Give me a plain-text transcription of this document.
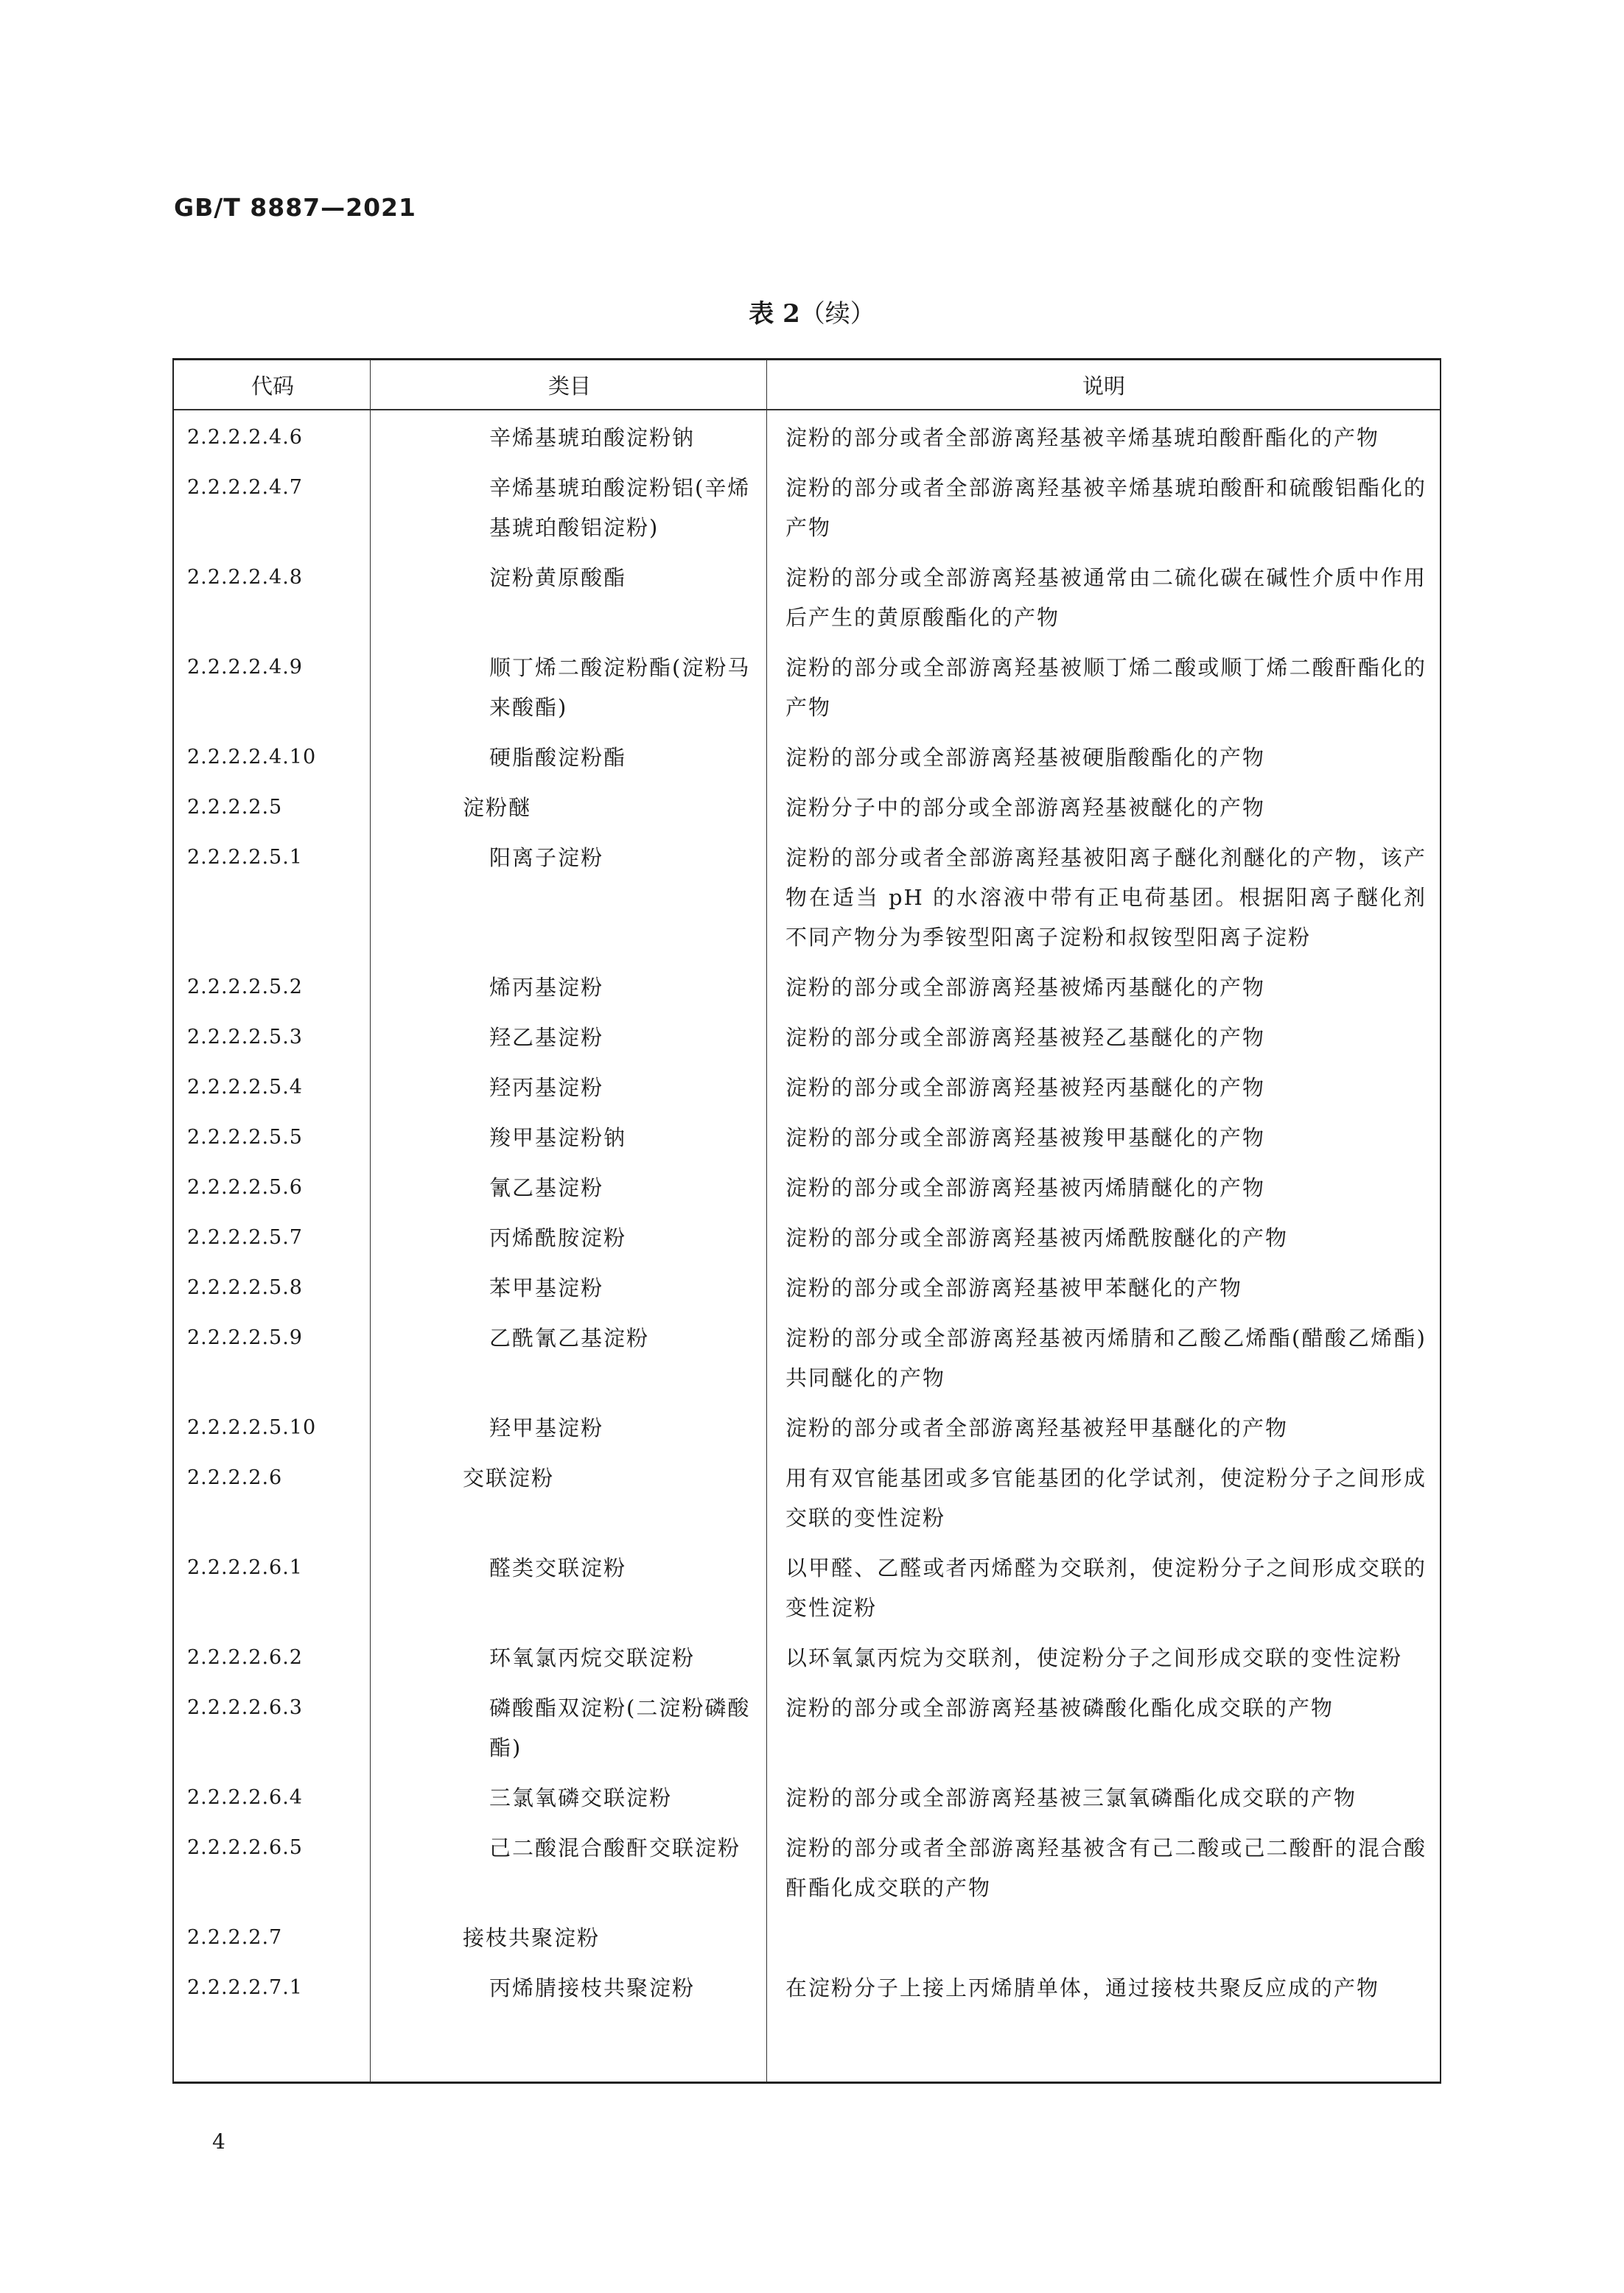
GB/T 8887—2021
表 2（续）
代码	类目	说明
2.2.2.2.4.6	辛烯基琥珀酸淀粉钠	淀粉的部分或者全部游离羟基被辛烯基琥珀酸酐酯化的产物
2.2.2.2.4.7	辛烯基琥珀酸淀粉铝(辛烯基琥珀酸铝淀粉)	淀粉的部分或者全部游离羟基被辛烯基琥珀酸酐和硫酸铝酯化的产物
2.2.2.2.4.8	淀粉黄原酸酯	淀粉的部分或全部游离羟基被通常由二硫化碳在碱性介质中作用后产生的黄原酸酯化的产物
2.2.2.2.4.9	顺丁烯二酸淀粉酯(淀粉马来酸酯)	淀粉的部分或全部游离羟基被顺丁烯二酸或顺丁烯二酸酐酯化的产物
2.2.2.2.4.10	硬脂酸淀粉酯	淀粉的部分或全部游离羟基被硬脂酸酯化的产物
2.2.2.2.5	淀粉醚	淀粉分子中的部分或全部游离羟基被醚化的产物
2.2.2.2.5.1	阳离子淀粉	淀粉的部分或者全部游离羟基被阳离子醚化剂醚化的产物，该产物在适当 pH 的水溶液中带有正电荷基团。根据阳离子醚化剂不同产物分为季铵型阳离子淀粉和叔铵型阳离子淀粉
2.2.2.2.5.2	烯丙基淀粉	淀粉的部分或全部游离羟基被烯丙基醚化的产物
2.2.2.2.5.3	羟乙基淀粉	淀粉的部分或全部游离羟基被羟乙基醚化的产物
2.2.2.2.5.4	羟丙基淀粉	淀粉的部分或全部游离羟基被羟丙基醚化的产物
2.2.2.2.5.5	羧甲基淀粉钠	淀粉的部分或全部游离羟基被羧甲基醚化的产物
2.2.2.2.5.6	氰乙基淀粉	淀粉的部分或全部游离羟基被丙烯腈醚化的产物
2.2.2.2.5.7	丙烯酰胺淀粉	淀粉的部分或全部游离羟基被丙烯酰胺醚化的产物
2.2.2.2.5.8	苯甲基淀粉	淀粉的部分或全部游离羟基被甲苯醚化的产物
2.2.2.2.5.9	乙酰氰乙基淀粉	淀粉的部分或全部游离羟基被丙烯腈和乙酸乙烯酯(醋酸乙烯酯)共同醚化的产物
2.2.2.2.5.10	羟甲基淀粉	淀粉的部分或者全部游离羟基被羟甲基醚化的产物
2.2.2.2.6	交联淀粉	用有双官能基团或多官能基团的化学试剂，使淀粉分子之间形成交联的变性淀粉
2.2.2.2.6.1	醛类交联淀粉	以甲醛、乙醛或者丙烯醛为交联剂，使淀粉分子之间形成交联的变性淀粉
2.2.2.2.6.2	环氧氯丙烷交联淀粉	以环氧氯丙烷为交联剂，使淀粉分子之间形成交联的变性淀粉
2.2.2.2.6.3	磷酸酯双淀粉(二淀粉磷酸酯)	淀粉的部分或全部游离羟基被磷酸化酯化成交联的产物
2.2.2.2.6.4	三氯氧磷交联淀粉	淀粉的部分或全部游离羟基被三氯氧磷酯化成交联的产物
2.2.2.2.6.5	己二酸混合酸酐交联淀粉	淀粉的部分或者全部游离羟基被含有己二酸或己二酸酐的混合酸酐酯化成交联的产物
2.2.2.2.7	接枝共聚淀粉	
2.2.2.2.7.1	丙烯腈接枝共聚淀粉	在淀粉分子上接上丙烯腈单体，通过接枝共聚反应成的产物
4
